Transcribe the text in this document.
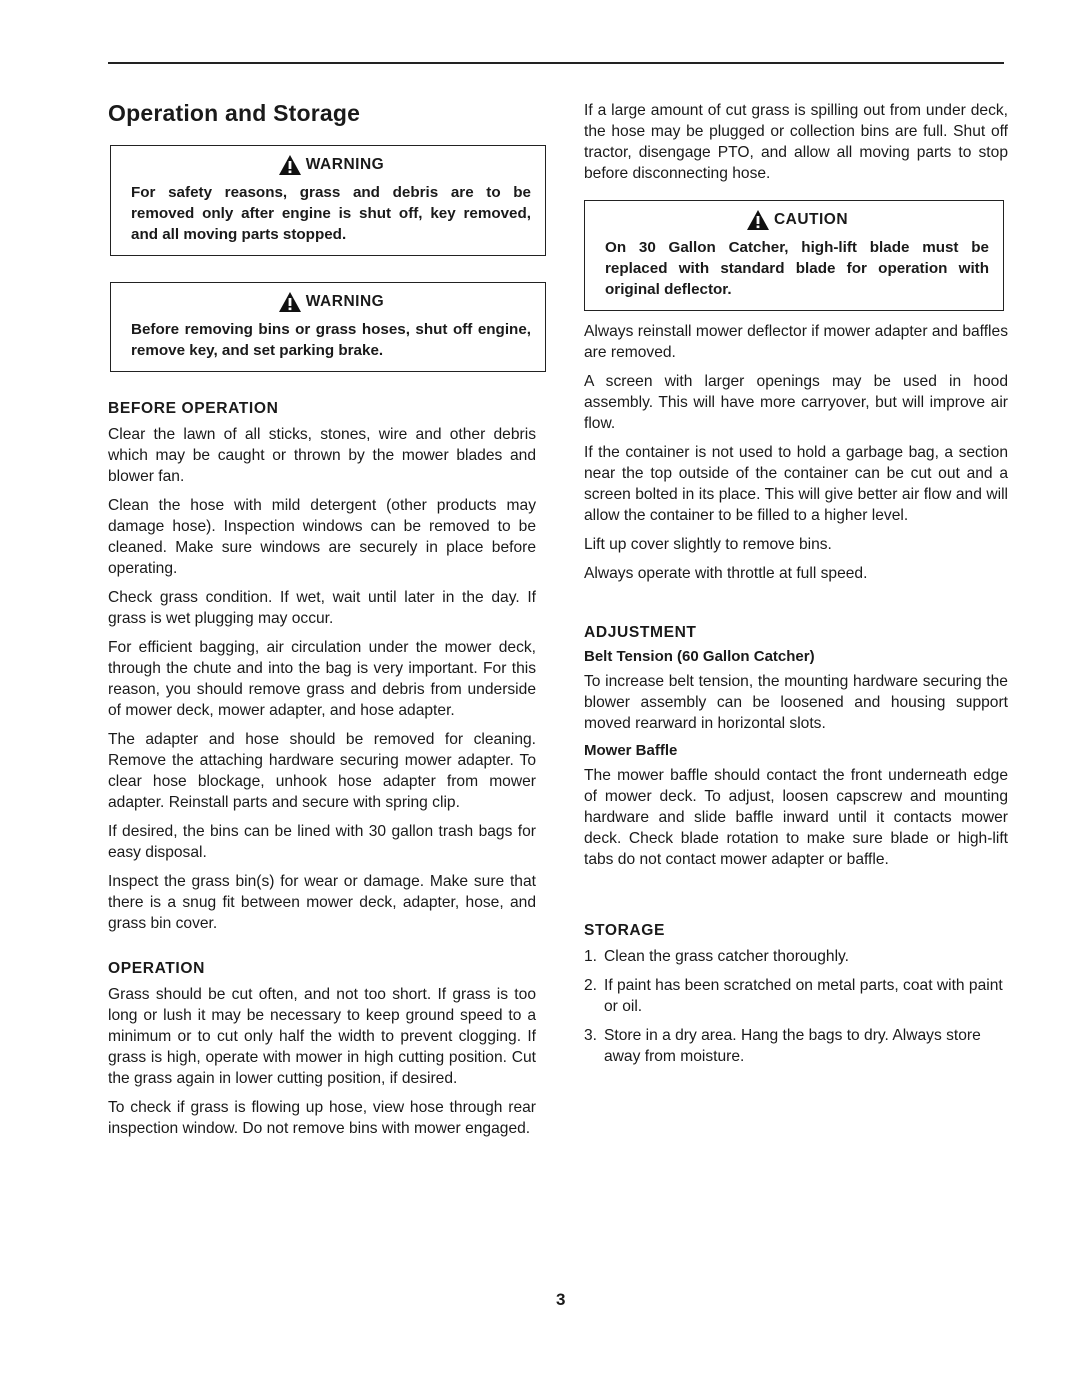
Operation and Storage
WARNING

For safety reasons, grass and debris are to be removed only after engine is shut off, key removed, and all moving parts stopped.

WARNING

Before removing bins or grass hoses, shut off engine, remove key, and set parking brake.

BEFORE OPERATION

Clear the lawn of all sticks, stones, wire and other debris which may be caught or thrown by the mower blades and blower fan.

Clean the hose with mild detergent (other products may damage hose). Inspection windows can be removed to be cleaned. Make sure windows are securely in place before operating.

Check grass condition. If wet, wait until later in the day. If grass is wet plugging may occur.

For efficient bagging, air circulation under the mower deck, through the chute and into the bag is very important. For this reason, you should remove grass and debris from underside of mower deck, mower adapter, and hose adapter.

The adapter and hose should be removed for cleaning. Remove the attaching hardware securing mower adapter. To clear hose blockage, unhook hose adapter from mower adapter. Reinstall parts and secure with spring clip.

If desired, the bins can be lined with 30 gallon trash bags for easy disposal.

Inspect the grass bin(s) for wear or damage. Make sure that there is a snug fit between mower deck, adapter, hose, and grass bin cover.

OPERATION

Grass should be cut often, and not too short. If grass is too long or lush it may be necessary to keep ground speed to a minimum or to cut only half the width to prevent clogging. If grass is high, operate with mower in high cutting position. Cut the grass again in lower cutting position, if desired.

To check if grass is flowing up hose, view hose through rear inspection window. Do not remove bins with mower engaged.

If a large amount of cut grass is spilling out from under deck, the hose may be plugged or collection bins are full. Shut off tractor, disengage PTO, and allow all moving parts to stop before disconnecting hose.

CAUTION

On 30 Gallon Catcher, high-lift blade must be replaced with standard blade for operation with original deflector.

Always reinstall mower deflector if mower adapter and baffles are removed.

A screen with larger openings may be used in hood assembly. This will have more carryover, but will improve air flow.

If the container is not used to hold a garbage bag, a section near the top outside of the container can be cut out and a screen bolted in its place. This will give better air flow and will allow the container to be filled to a higher level.

Lift up cover slightly to remove bins.

Always operate with throttle at full speed.

ADJUSTMENT
Belt Tension (60 Gallon Catcher)

To increase belt tension, the mounting hardware securing the blower assembly can be loosened and housing support moved rearward in horizontal slots.

Mower Baffle

The mower baffle should contact the front underneath edge of mower deck. To adjust, loosen capscrew and mounting hardware and slide baffle inward until it contacts mower deck. Check blade rotation to make sure blade or high-lift tabs do not contact mower adapter or baffle.

STORAGE
1. Clean the grass catcher thoroughly.
2. If paint has been scratched on metal parts, coat with paint or oil.
3. Store in a dry area. Hang the bags to dry. Always store away from moisture.
3
